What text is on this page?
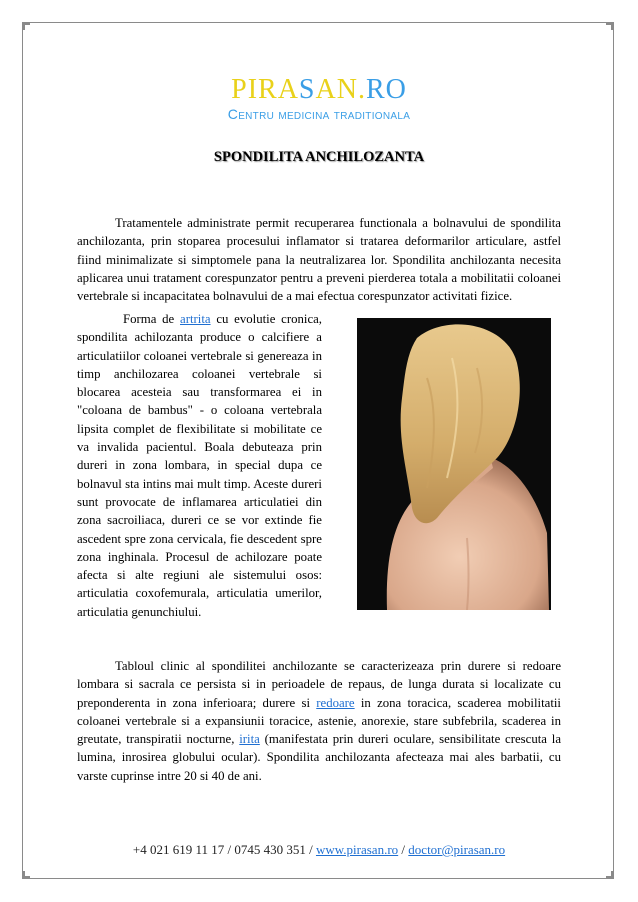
PIRASAN.RO
Centru medicina traditionala
SPONDILITA ANCHILOZANTA

Tratamentele administrate permit recuperarea functionala a bolnavului de spondilita anchilozanta, prin stoparea procesului inflamator si tratarea deformarilor articulare, astfel fiind minimalizate si simptomele pana la neutralizarea lor. Spondilita anchilozanta necesita aplicarea unui tratament corespunzator pentru a preveni pierderea totala a mobilitatii coloanei vertebrale si incapacitatea bolnavului de a mai efectua corespunzator activitati fizice.

Forma de artrita cu evolutie cronica, spondilita achilozanta produce o calcifiere a articulatiilor coloanei vertebrale si genereaza in timp anchilozarea coloanei vertebrale si blocarea acesteia sau transformarea ei in "coloana de bambus" - o coloana vertebrala lipsita complet de flexibilitate si mobilitate ce va invalida pacientul. Boala debuteaza prin dureri in zona lombara, in special dupa ce bolnavul sta intins mai mult timp. Aceste dureri sunt provocate de inflamarea articulatiei din zona sacroiliaca, dureri ce se vor extinde fie ascedent spre zona cervicala, fie descedent spre zona inghinala. Procesul de achilozare poate afecta si alte regiuni ale sistemului osos: articulatia coxofemurala, articulatia umerilor, articulatia genunchiului.

Tabloul clinic al spondilitei anchilozante se caracterizeaza prin durere si redoare lombara si sacrala ce persista si in perioadele de repaus, de lunga durata si localizate cu preponderenta in zona inferioara; durere si redoare in zona toracica, scaderea mobilitatii coloanei vertebrale si a expansiunii toracice, astenie, anorexie, stare subfebrila, scaderea in greutate, transpiratii nocturne, irita (manifestata prin dureri oculare, sensibilitate crescuta la lumina, inrosirea globului ocular). Spondilita anchilozanta afecteaza mai ales barbatii, cu varste cuprinse intre 20 si 40 de ani.

+4 021 619 11 17 / 0745 430 351 / www.pirasan.ro / doctor@pirasan.ro
